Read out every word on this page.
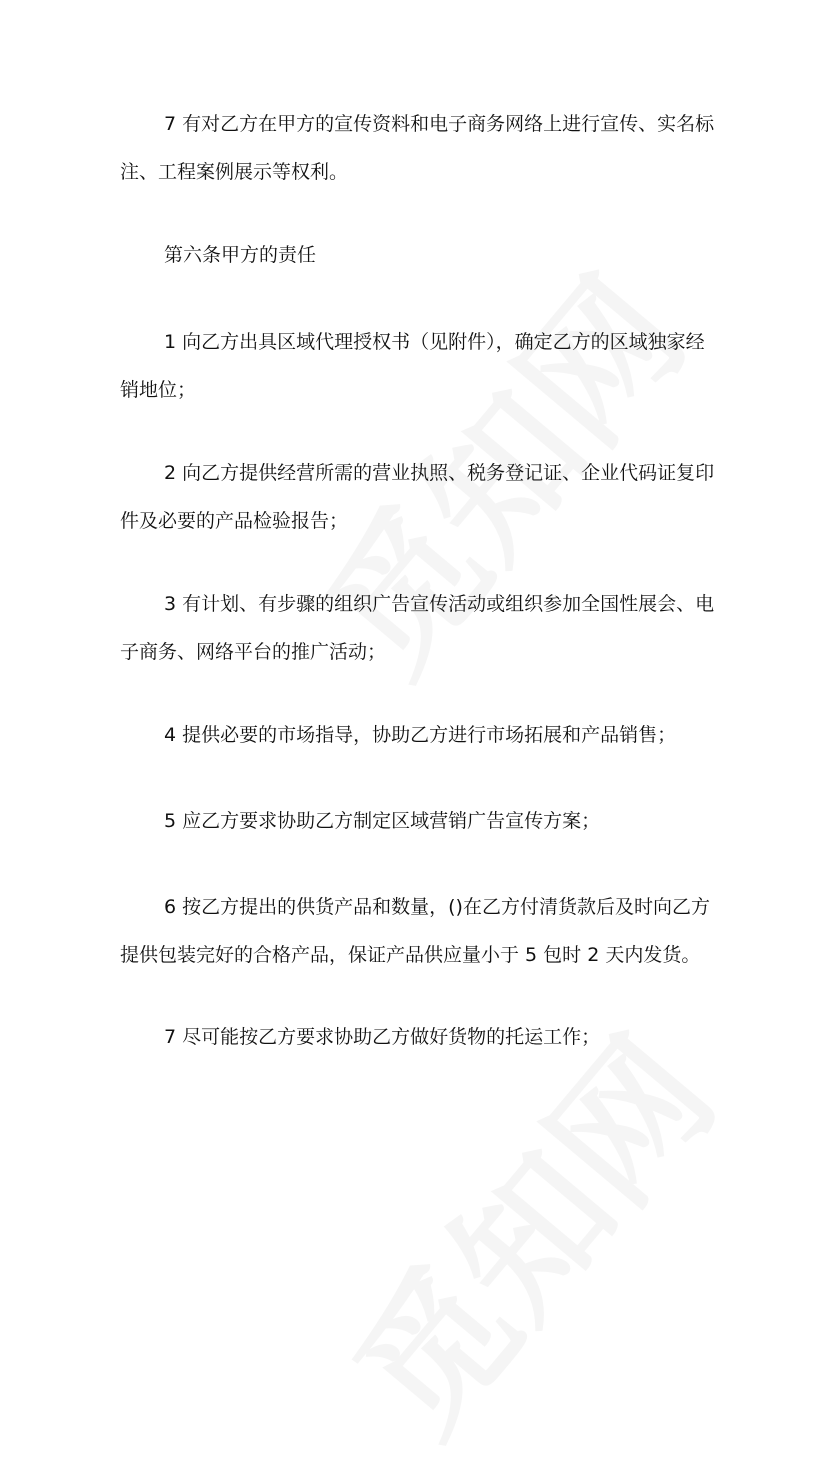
7 有对乙方在甲方的宣传资料和电子商务网络上进行宣传、实名标注、工程案例展示等权利。

第六条甲方的责任

1 向乙方出具区域代理授权书（见附件），确定乙方的区域独家经销地位；

2 向乙方提供经营所需的营业执照、税务登记证、企业代码证复印件及必要的产品检验报告；

3 有计划、有步骤的组织广告宣传活动或组织参加全国性展会、电子商务、网络平台的推广活动；

4 提供必要的市场指导，协助乙方进行市场拓展和产品销售；

5 应乙方要求协助乙方制定区域营销广告宣传方案；

6 按乙方提出的供货产品和数量，()在乙方付清货款后及时向乙方提供包装完好的合格产品，保证产品供应量小于 5 包时 2 天内发货。

7 尽可能按乙方要求协助乙方做好货物的托运工作；
